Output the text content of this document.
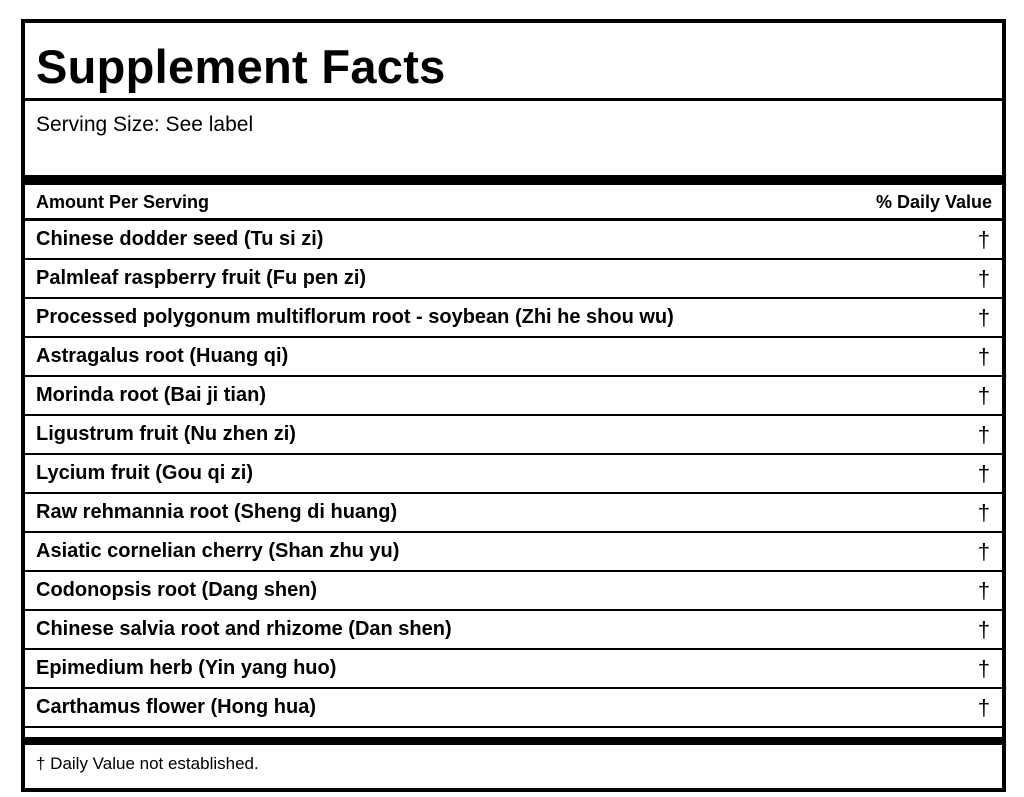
Supplement Facts
Serving Size: See label
Amount Per Serving	% Daily Value
Chinese dodder seed (Tu si zi)	†
Palmleaf raspberry fruit (Fu pen zi)	†
Processed polygonum multiflorum root - soybean (Zhi he shou wu)	†
Astragalus root (Huang qi)	†
Morinda root (Bai ji tian)	†
Ligustrum fruit (Nu zhen zi)	†
Lycium fruit (Gou qi zi)	†
Raw rehmannia root (Sheng di huang)	†
Asiatic cornelian cherry (Shan zhu yu)	†
Codonopsis root (Dang shen)	†
Chinese salvia root and rhizome (Dan shen)	†
Epimedium herb (Yin yang huo)	†
Carthamus flower (Hong hua)	†
† Daily Value not established.
